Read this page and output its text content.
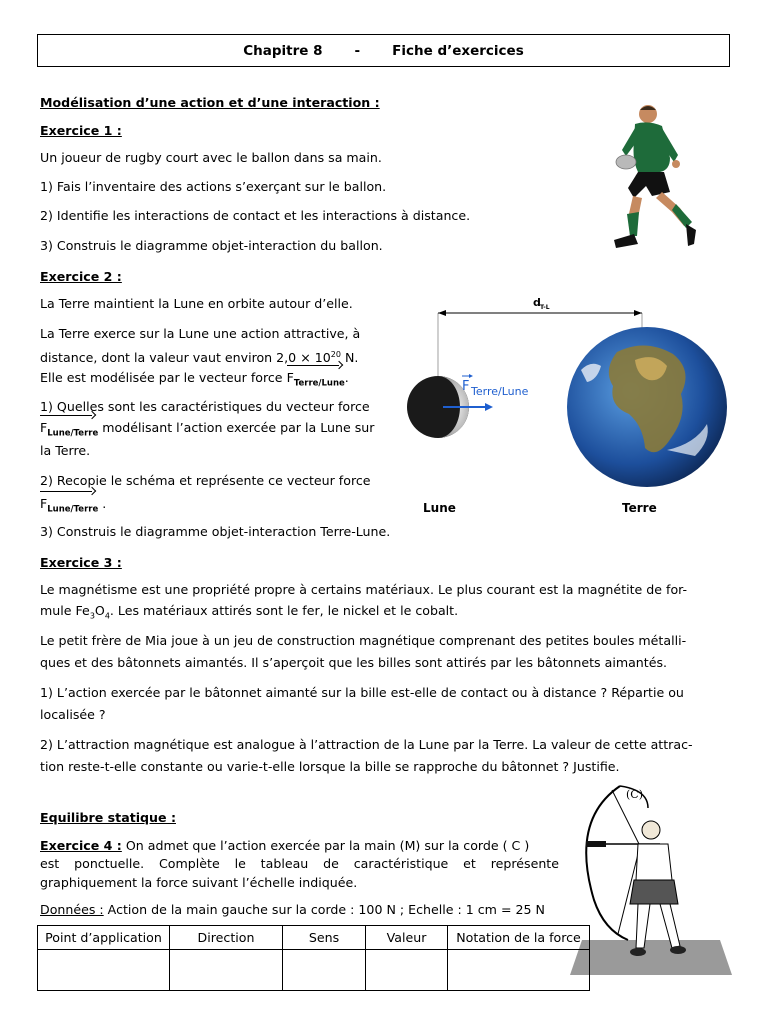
Chapitre 8 - Fiche d’exercices
Modélisation d’une action et d’une interaction :
Exercice 1 :
Un joueur de rugby court avec le ballon dans sa main.
1) Fais l’inventaire des actions s’exerçant sur le ballon.
2) Identifie les interactions de contact et les interactions à distance.
3) Construis le diagramme objet-interaction du ballon.
Exercice 2 :
La Terre maintient la Lune en orbite autour d’elle.
La Terre exerce sur la Lune une action attractive, à
distance, dont la valeur vaut environ $2,0 \times 10^{20}$ N.
Elle est modélisée par le vecteur force $F_{Terre/Lune}$.
1) Quelles sont les caractéristiques du vecteur force
$F_{Lune/Terre}$ modélisant l’action exercée par la Lune sur
la Terre.
2) Recopie le schéma et représente ce vecteur force
$F_{Lune/Terre}$ .
3) Construis le diagramme objet-interaction Terre-Lune.
d T-L
F Terre/Lune
Lune	Terre
Exercice 3 :
Le magnétisme est une propriété propre à certains matériaux. Le plus courant est la magnétite de for-
mule $Fe_3O_4$. Les matériaux attirés sont le fer, le nickel et le cobalt.
Le petit frère de Mia joue à un jeu de construction magnétique comprenant des petites boules métalli-
ques et des bâtonnets aimantés. Il s’aperçoit que les billes sont attirés par les bâtonnets aimantés.
1) L’action exercée par le bâtonnet aimanté sur la bille est-elle de contact ou à distance ? Répartie ou
localisée ?
2) L’attraction magnétique est analogue à l’attraction de la Lune par la Terre. La valeur de cette attrac-
tion reste-t-elle constante ou varie-t-elle lorsque la bille se rapproche du bâtonnet ? Justifie.
Equilibre statique :
Exercice 4 : On admet que l’action exercée par la main (M) sur la corde ( C )
est ponctuelle. Complète le tableau de caractéristique et représente graphiquement la force suivant l’échelle indiquée.
Données : Action de la main gauche sur la corde : 100 N ; Echelle : 1 cm = 25 N
(C)
Point d’application	Direction	Sens	Valeur	Notation de la force
